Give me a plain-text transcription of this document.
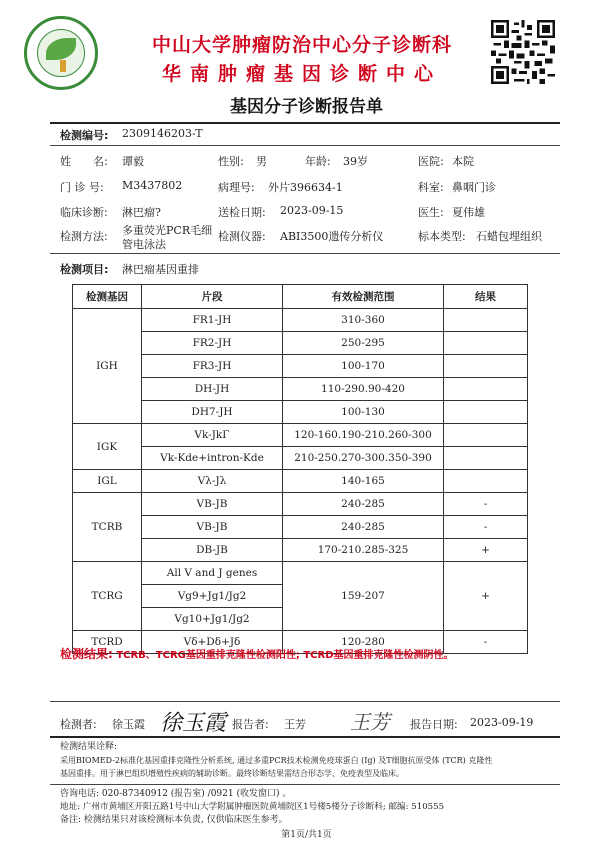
中山大学肿瘤防治中心分子诊断科
华南肿瘤基因诊断中心
基因分子诊断报告单
检测编号: 2309146203-T
姓　　名: 谭毅	性别: 男	年龄: 39岁	医院: 本院
门 诊 号: M3437802	病理号: 外片396634-1	科室: 鼻咽门诊
临床诊断: 淋巴瘤?	送检日期: 2023-09-15	医生: 夏伟雄
检测方法: 多重荧光PCR毛细
管电泳法
检测仪器: ABI3500遗传分析仪	标本类型: 石蜡包埋组织
检测项目: 淋巴瘤基因重排
检测基因	片段	有效检测范围	结果
IGH	FR1-JH	310-360	
	FR2-JH	250-295	
	FR3-JH	100-170	
	DH-JH	110-290.90-420	
	DH7-JH	100-130	
IGK	Vk-JkΓ	120-160.190-210.260-300	
	Vk-Kde+intron-Kde	210-250.270-300.350-390	
IGL	Vλ-Jλ	140-165	
TCRB	VB-JB	240-285	-
	VB-JB	240-285	-
	DB-JB	170-210.285-325	+
TCRG	All V and J genes	159-207	+
	Vg9+Jg1/Jg2		
	Vg10+Jg1/Jg2		
TCRD	Vδ+Dδ+Jδ	120-280	-
检测结果: TCRB、TCRG基因重排克隆性检测阳性; TCRD基因重排克隆性检测阴性。
检测者: 徐玉霞 徐玉霞 报告者: 王芳 王芳 报告日期: 2023-09-19
检测结果诠释:
采用BIOMED-2标准化基因重排克隆性分析系统, 通过多重PCR技术检测免疫球蛋白 (Ig) 及T细胞抗原受体 (TCR) 克隆性
基因重排。用于淋巴组织增殖性疾病的辅助诊断。最终诊断结果需结合形态学、免疫表型及临床。
咨询电话: 020-87340912 (报告室) /0921 (收发窗口) 。
地址: 广州市黄埔区开阳五路1号中山大学附属肿瘤医院黄埔院区1号楼5楼分子诊断科; 邮编: 510555
备注: 检测结果只对该检测标本负责, 仅供临床医生参考。
第1页/共1页
